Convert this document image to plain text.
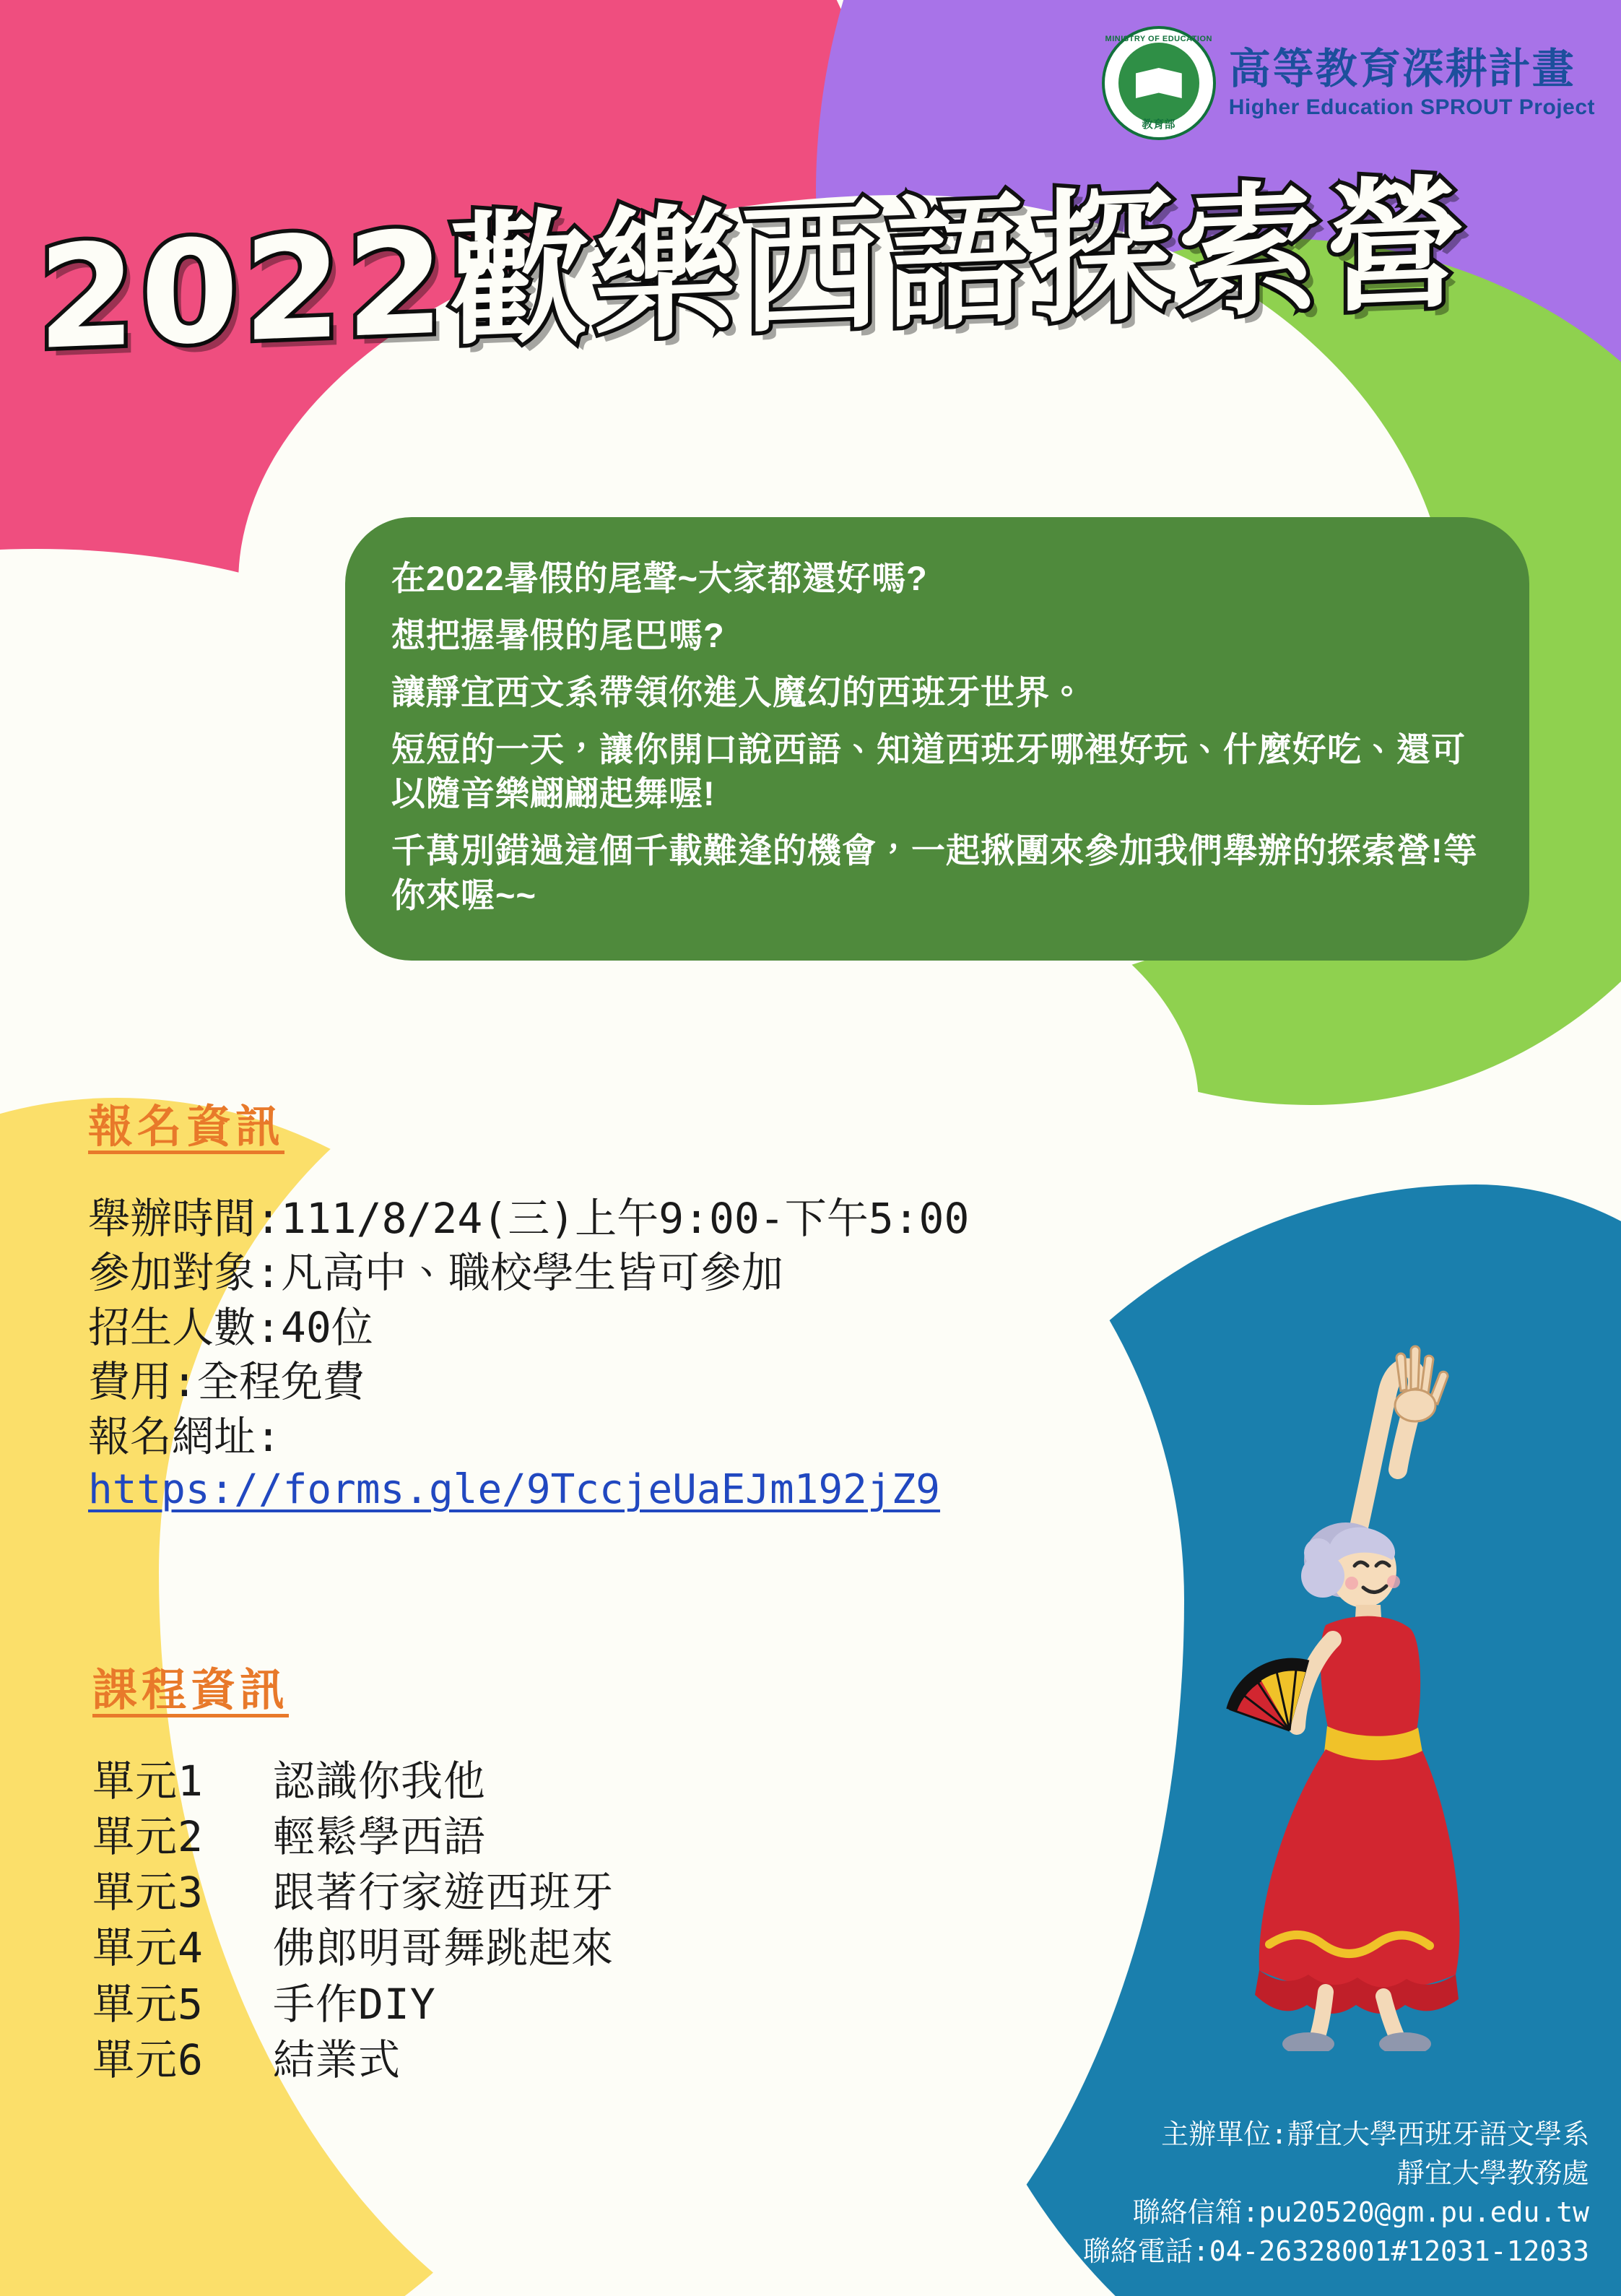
MINISTRY OF EDUCATION
教育部
高等教育深耕計畫
Higher Education SPROUT Project
2022歡樂西語探索營

在2022暑假的尾聲~大家都還好嗎?

想把握暑假的尾巴嗎?

讓靜宜西文系帶領你進入魔幻的西班牙世界。

短短的一天，讓你開口說西語、知道西班牙哪裡好玩、什麼好吃、還可以隨音樂翩翩起舞喔!

千萬別錯過這個千載難逢的機會，一起揪團來參加我們舉辦的探索營!等你來喔~~

報名資訊
舉辦時間:111/8/24(三)上午9:00-下午5:00
參加對象:凡高中、職校學生皆可參加
招生人數:40位
費用:全程免費
報名網址:
https://forms.gle/9TccjeUaEJm192jZ9
課程資訊
單元1	認識你我他
單元2	輕鬆學西語
單元3	跟著行家遊西班牙
單元4	佛郎明哥舞跳起來
單元5	手作DIY
單元6	結業式
主辦單位:靜宜大學西班牙語文學系
靜宜大學教務處
聯絡信箱:pu20520@gm.pu.edu.tw
聯絡電話:04-26328001#12031-12033
